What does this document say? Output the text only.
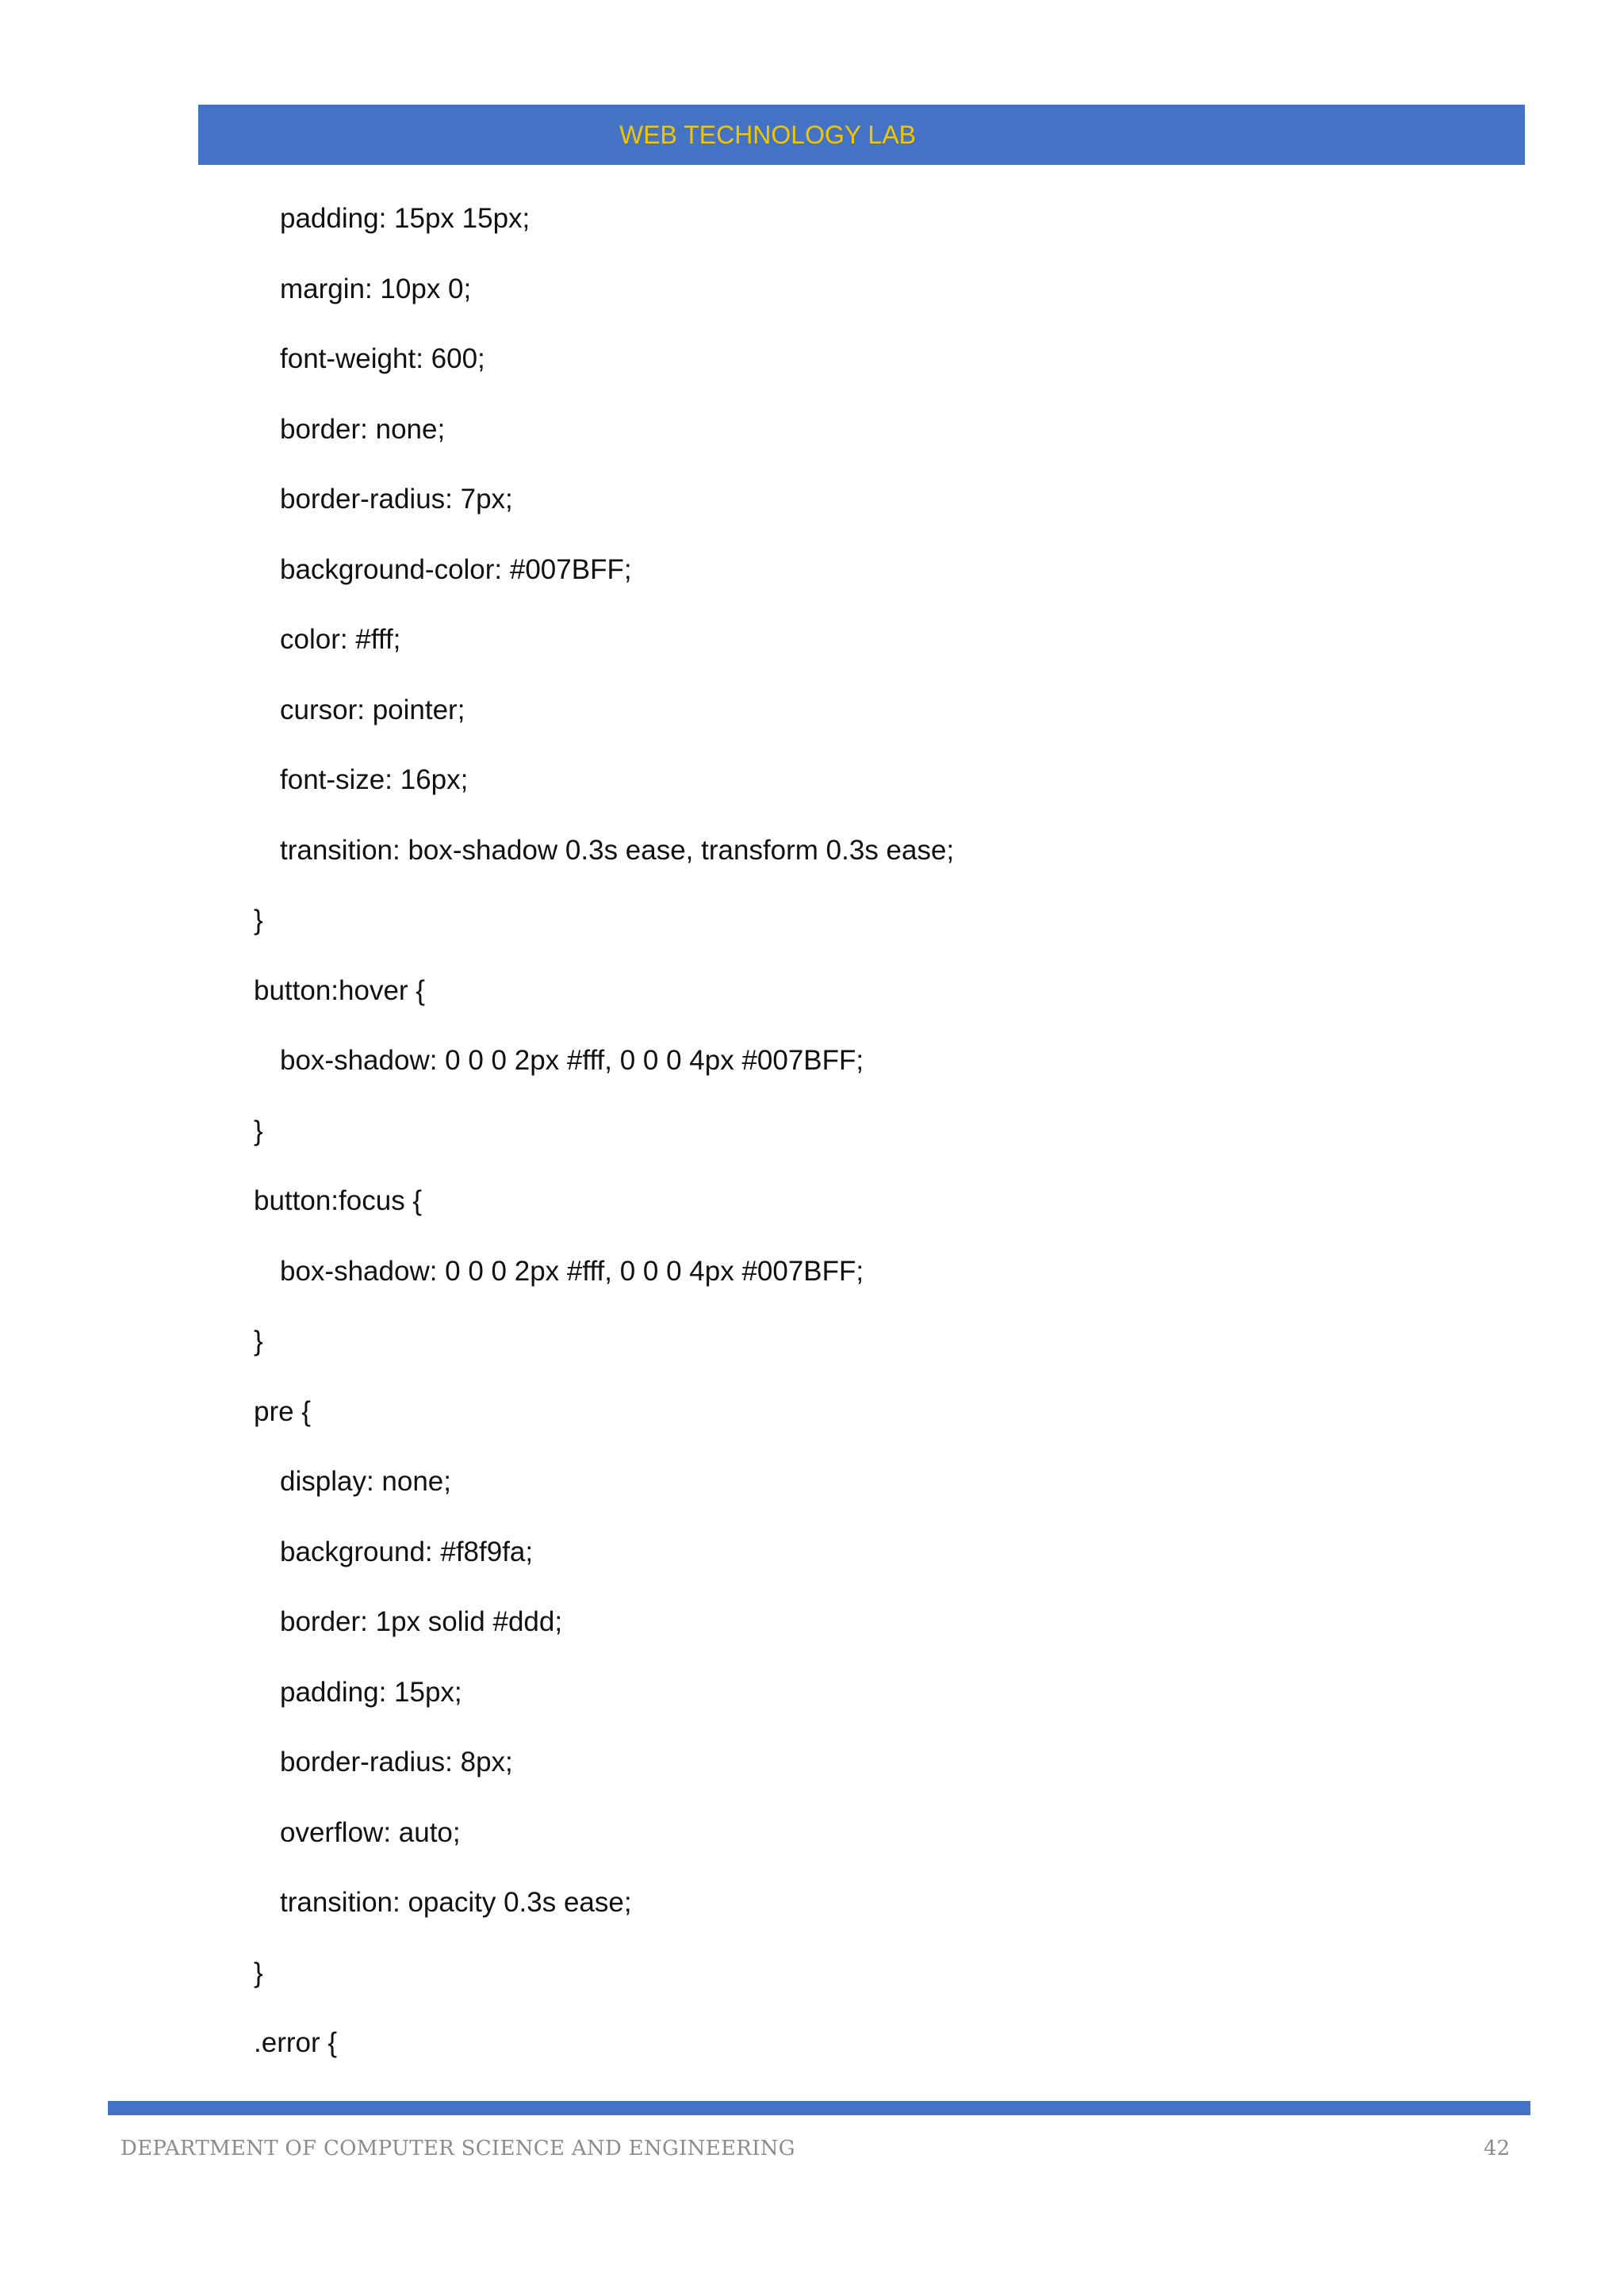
WEB TECHNOLOGY LAB
padding: 15px 15px;
margin: 10px 0;
font-weight: 600;
border: none;
border-radius: 7px;
background-color: #007BFF;
color: #fff;
cursor: pointer;
font-size: 16px;
transition: box-shadow 0.3s ease, transform 0.3s ease;
}
button:hover {
box-shadow: 0 0 0 2px #fff, 0 0 0 4px #007BFF;
}
button:focus {
box-shadow: 0 0 0 2px #fff, 0 0 0 4px #007BFF;
}
pre {
display: none;
background: #f8f9fa;
border: 1px solid #ddd;
padding: 15px;
border-radius: 8px;
overflow: auto;
transition: opacity 0.3s ease;
}
.error {
DEPARTMENT OF COMPUTER SCIENCE AND ENGINEERING	42
